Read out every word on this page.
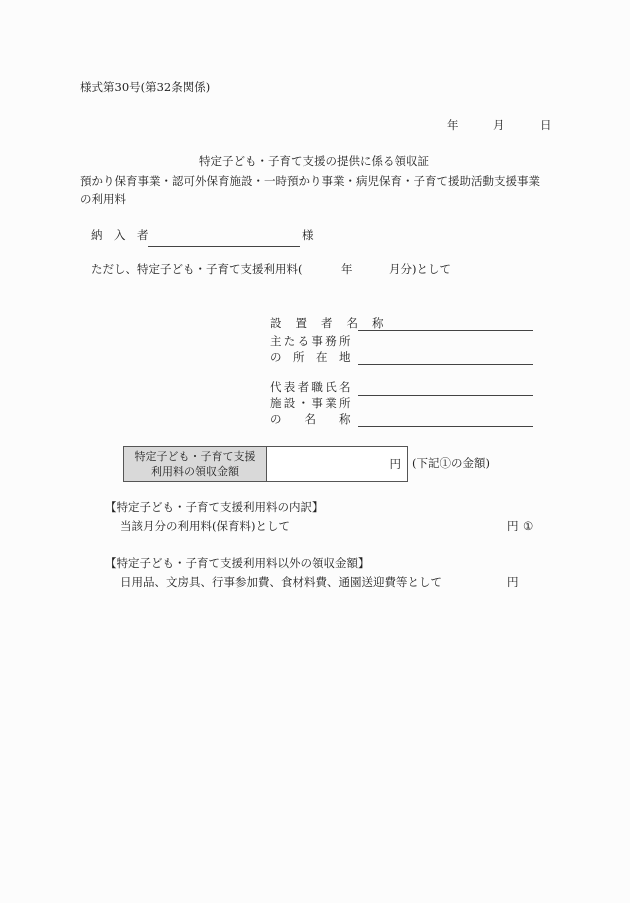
様式第30号(第32条関係)
年	月	日
特定子ども・子育て支援の提供に係る領収証
預かり保育事業・認可外保育施設・一時預かり事業・病児保育・子育て援助活動支援事業
の利用料
納　入　者	様
ただし、特定子ども・子育て支援利用料(	年	月分)として
設 置 者 名 称
主たる事務所
の　所　在　地
代表者職氏名
施設・事業所
の　　名　　称
特定子ども・子育て支援
利用料の領収金額
円 (下記①の金額)
【特定子ども・子育て支援利用料の内訳】
当該月分の利用料(保育料)として	円 ①
【特定子ども・子育て支援利用料以外の領収金額】
日用品、文房具、行事参加費、食材料費、通園送迎費等として	円
